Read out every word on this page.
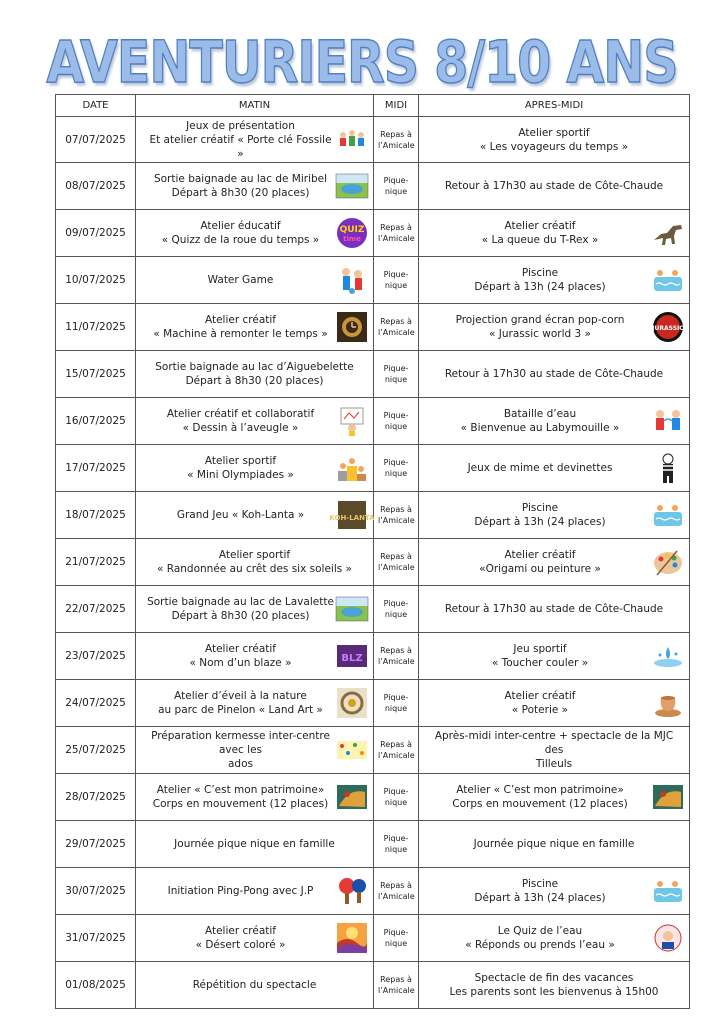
AVENTURIERS 8/10 ANS
DATE	MATIN	MIDI	APRES-MIDI
07/07/2025	Jeux de présentation
Et atelier créatif « Porte clé Fossile »	Repas à
l’Amicale	Atelier sportif
« Les voyageurs du temps »

08/07/2025	Sortie baignade au lac de Miribel
Départ à 8h30 (20 places)	Pique-
nique	Retour à 17h30 au stade de Côte-Chaude

09/07/2025	Atelier éducatif
« Quizz de la roue du temps »
QUIZ
time	Repas à
l’Amicale	Atelier créatif
« La queue du T-Rex »

10/07/2025	Water Game	Pique-
nique	Piscine
Départ à 13h (24 places)

11/07/2025	Atelier créatif
« Machine à remonter le temps »	Repas à
l’Amicale	Projection grand écran pop-corn
« Jurassic world 3 » JURASSIC

15/07/2025	Sortie baignade au lac d’Aiguebelette
Départ à 8h30 (20 places)	Pique-
nique	Retour à 17h30 au stade de Côte-Chaude

16/07/2025	Atelier créatif et collaboratif
« Dessin à l’aveugle »	Pique-
nique	Bataille d’eau
« Bienvenue au Labymouille »

17/07/2025	Atelier sportif
« Mini Olympiades »	Pique-
nique	Jeux de mime et devinettes

18/07/2025	Grand Jeu « Koh-Lanta » KOH-LANTA	Repas à
l’Amicale	Piscine
Départ à 13h (24 places)

21/07/2025	Atelier sportif
« Randonnée au crêt des six soleils »	Repas à
l’Amicale	Atelier créatif
«Origami ou peinture »

22/07/2025	Sortie baignade au lac de Lavalette
Départ à 8h30 (20 places)	Pique-
nique	Retour à 17h30 au stade de Côte-Chaude

23/07/2025	Atelier créatif
« Nom d’un blaze » BLZ	Repas à
l’Amicale	Jeu sportif
« Toucher couler »

24/07/2025	Atelier d’éveil à la nature
au parc de Pinelon « Land Art »	Pique-
nique	Atelier créatif
« Poterie »

25/07/2025	Préparation kermesse inter-centre avec les
ados	Repas à
l’Amicale	Après-midi inter-centre + spectacle de la MJC des
Tilleuls

28/07/2025	Atelier « C’est mon patrimoine»
Corps en mouvement (12 places)	Pique-
nique	Atelier « C’est mon patrimoine»
Corps en mouvement (12 places)

29/07/2025	Journée pique nique en famille	Pique-
nique	Journée pique nique en famille

30/07/2025	Initiation Ping-Pong avec J.P	Repas à
l’Amicale	Piscine
Départ à 13h (24 places)

31/07/2025	Atelier créatif
« Désert coloré »	Pique-
nique	Le Quiz de l’eau
« Réponds ou prends l’eau »

01/08/2025	Répétition du spectacle	Repas à
l’Amicale	Spectacle de fin des vacances
Les parents sont les bienvenus à 15h00
